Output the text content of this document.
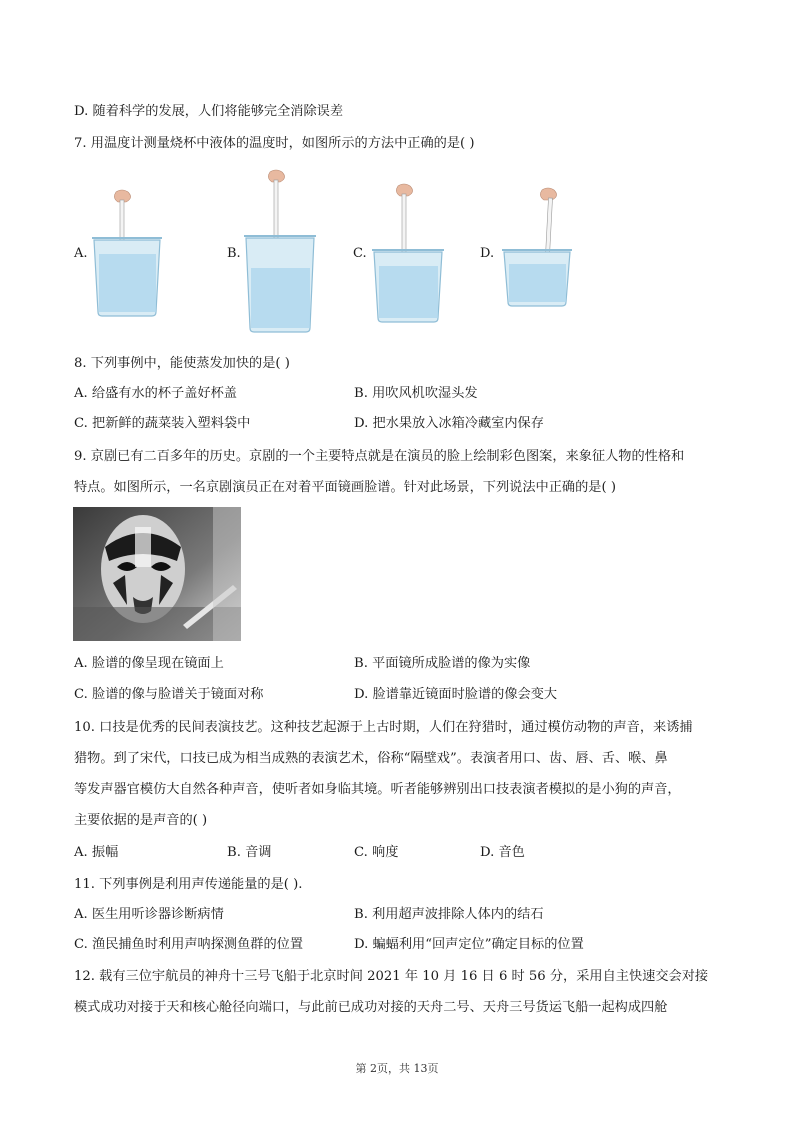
D. 随着科学的发展，人们将能够完全消除误差
7. 用温度计测量烧杯中液体的温度时，如图所示的方法中正确的是( )
A.	B.	C.	D.
8. 下列事例中，能使蒸发加快的是( )
A. 给盛有水的杯子盖好杯盖	B. 用吹风机吹湿头发
C. 把新鲜的蔬菜装入塑料袋中	D. 把水果放入冰箱冷藏室内保存
9. 京剧已有二百多年的历史。京剧的一个主要特点就是在演员的脸上绘制彩色图案，来象征人物的性格和
特点。如图所示，一名京剧演员正在对着平面镜画脸谱。针对此场景，下列说法中正确的是( )
A. 脸谱的像呈现在镜面上	B. 平面镜所成脸谱的像为实像
C. 脸谱的像与脸谱关于镜面对称	D. 脸谱靠近镜面时脸谱的像会变大
10. 口技是优秀的民间表演技艺。这种技艺起源于上古时期，人们在狩猎时，通过模仿动物的声音，来诱捕
猎物。到了宋代，口技已成为相当成熟的表演艺术，俗称“隔壁戏”。表演者用口、齿、唇、舌、喉、鼻
等发声器官模仿大自然各种声音，使听者如身临其境。听者能够辨别出口技表演者模拟的是小狗的声音，
主要依据的是声音的( )
A. 振幅	B. 音调	C. 响度	D. 音色
11. 下列事例是利用声传递能量的是( ).
A. 医生用听诊器诊断病情	B. 利用超声波排除人体内的结石
C. 渔民捕鱼时利用声呐探测鱼群的位置	D. 蝙蝠利用“回声定位”确定目标的位置
12. 载有三位宇航员的神舟十三号飞船于北京时间 2021 年 10 月 16 日 6 时 56 分，采用自主快速交会对接
模式成功对接于天和核心舱径向端口，与此前已成功对接的天舟二号、天舟三号货运飞船一起构成四舱
第 2页，共 13页
